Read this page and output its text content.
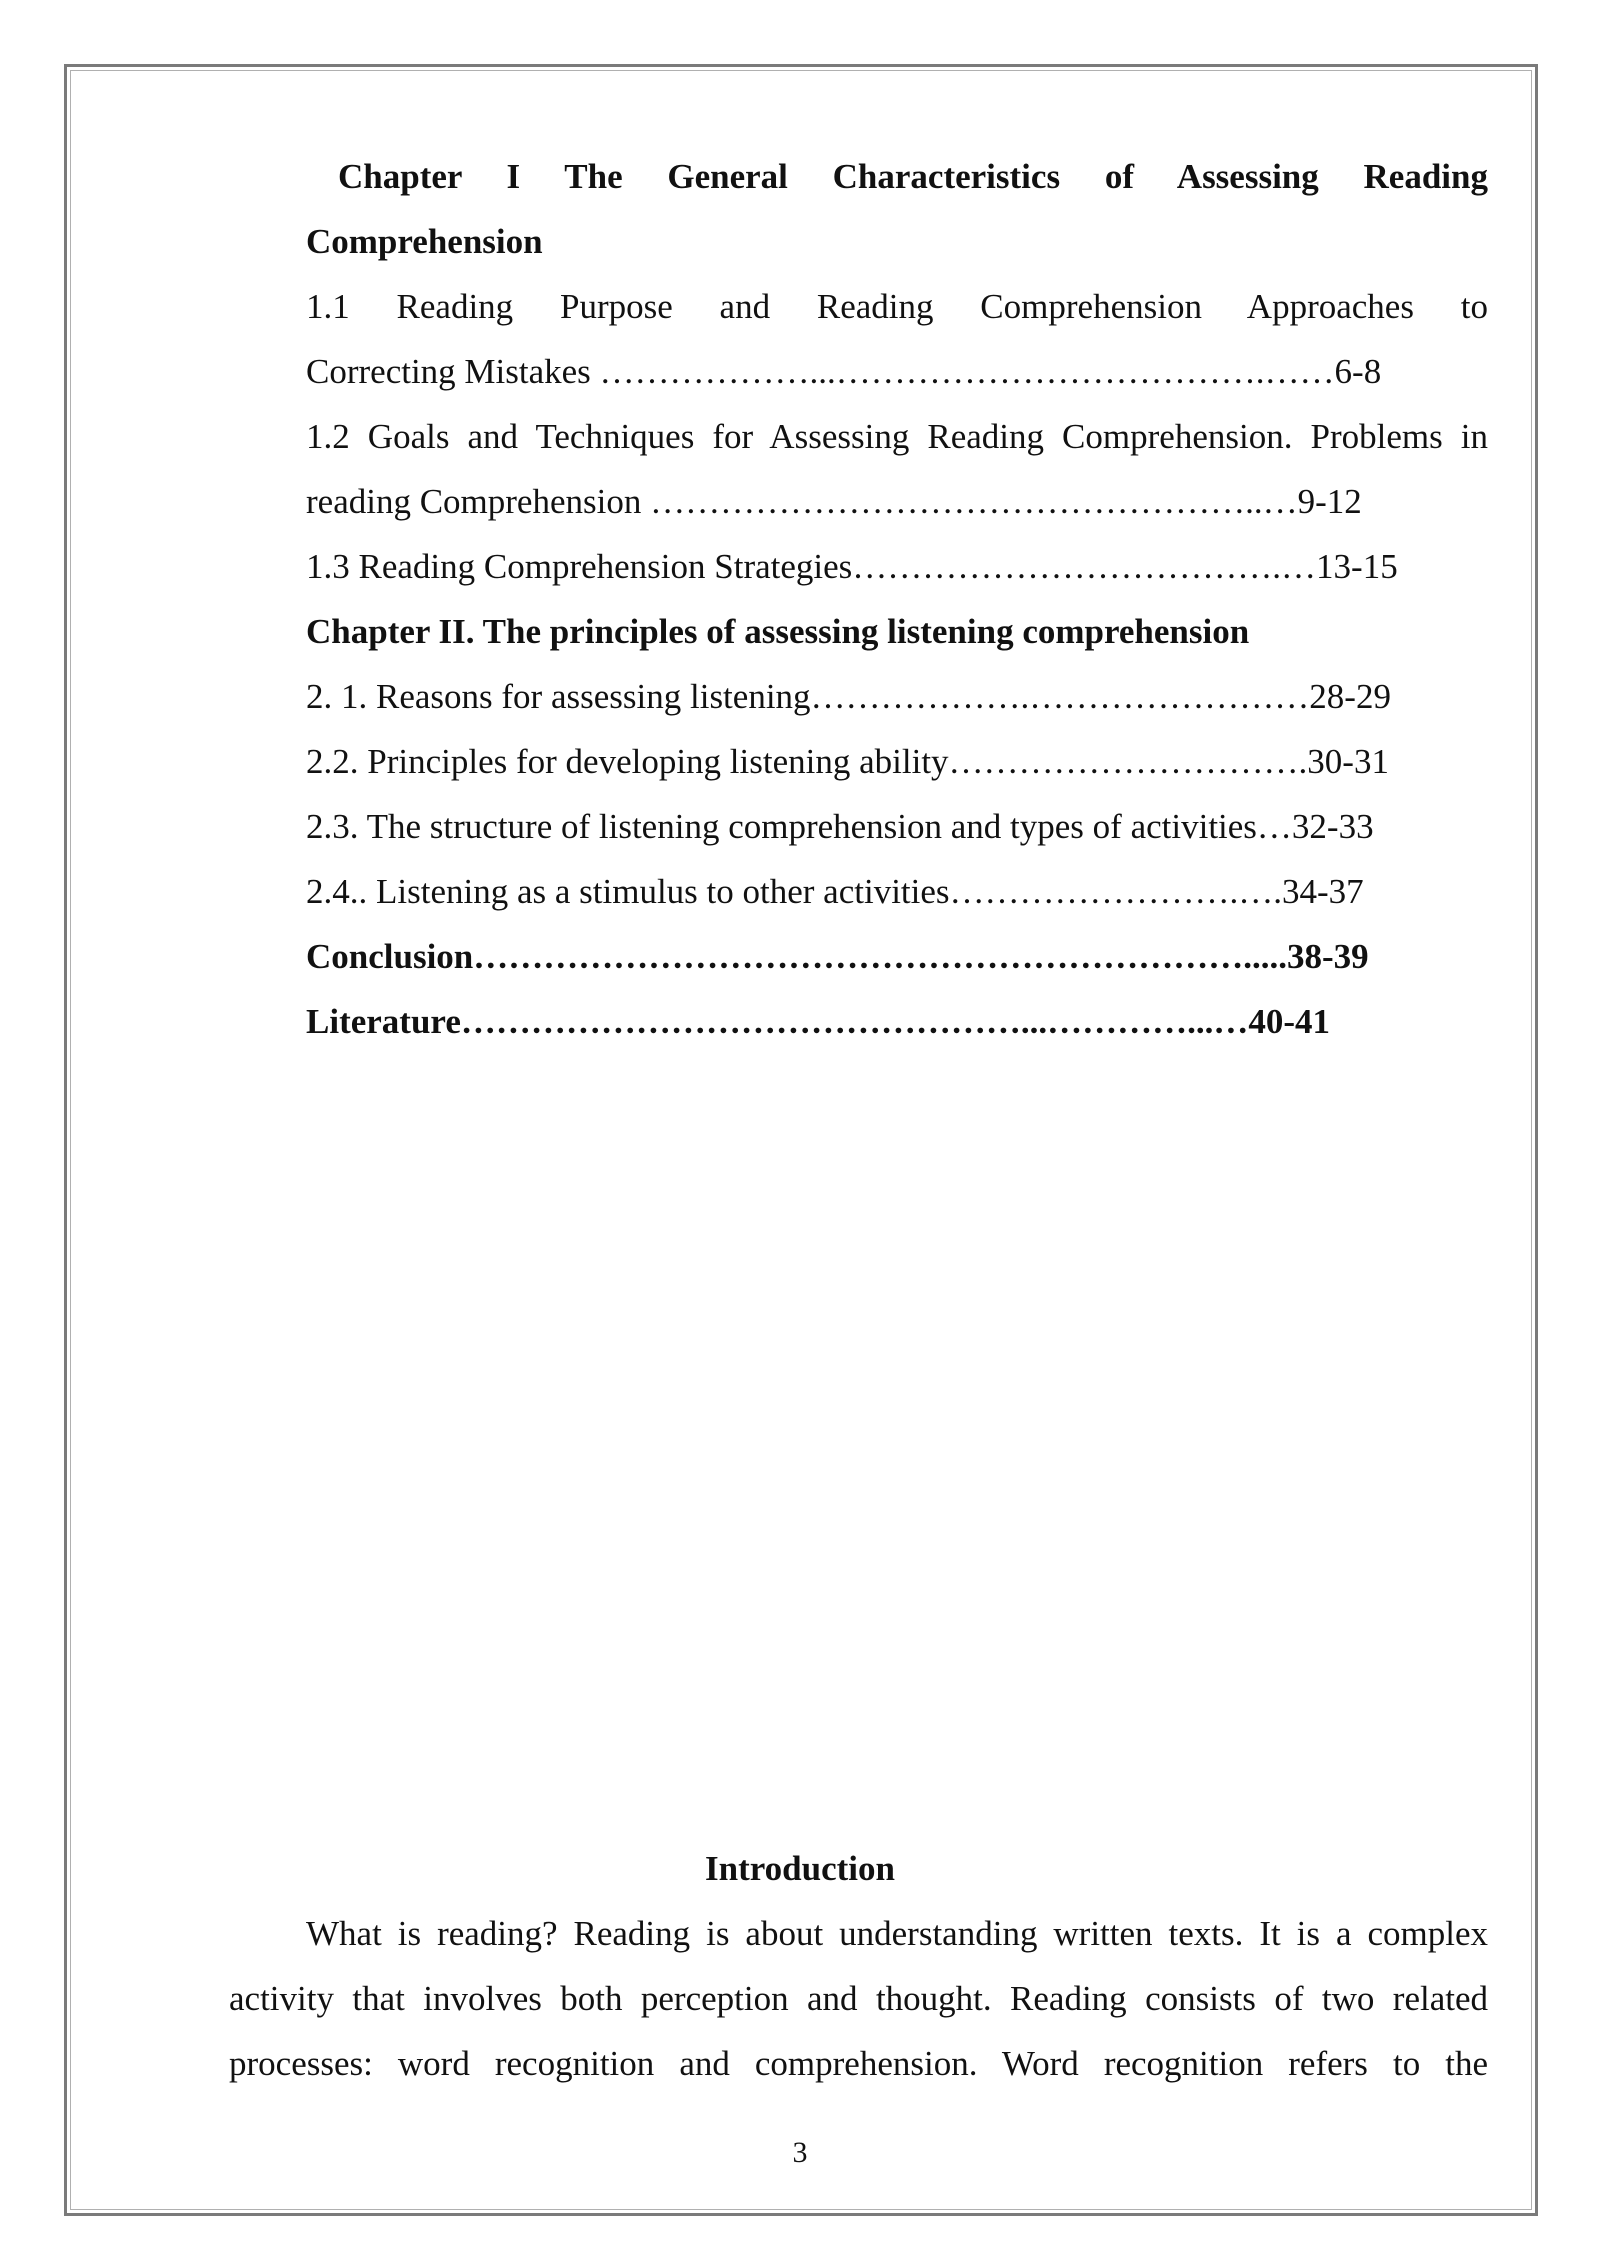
Chapter I The General Characteristics of Assessing Reading
Comprehension
1.1 Reading Purpose and Reading Comprehension Approaches to
Correcting Mistakes ………………...……………………………….……6-8
1.2 Goals and Techniques for Assessing Reading Comprehension. Problems in
reading Comprehension ……………………………………………..…9-12
1.3 Reading Comprehension Strategies……………………………….…13-15
Chapter II. The principles of assessing listening comprehension
2. 1. Reasons for assessing listening……………….……………………28-29
2.2. Principles for developing listening ability………………………….30-31
2.3. The structure of listening comprehension and types of activities…32-33
2.4.. Listening as a stimulus to other activities…………………….….34-37
Conclusion………………………………………………………….....38-39
Literature…………………………………………...…………...…40-41
Introduction
What is reading? Reading is about understanding written texts. It is a complex
activity that involves both perception and thought. Reading consists of two related
processes: word recognition and comprehension. Word recognition refers to the
3
